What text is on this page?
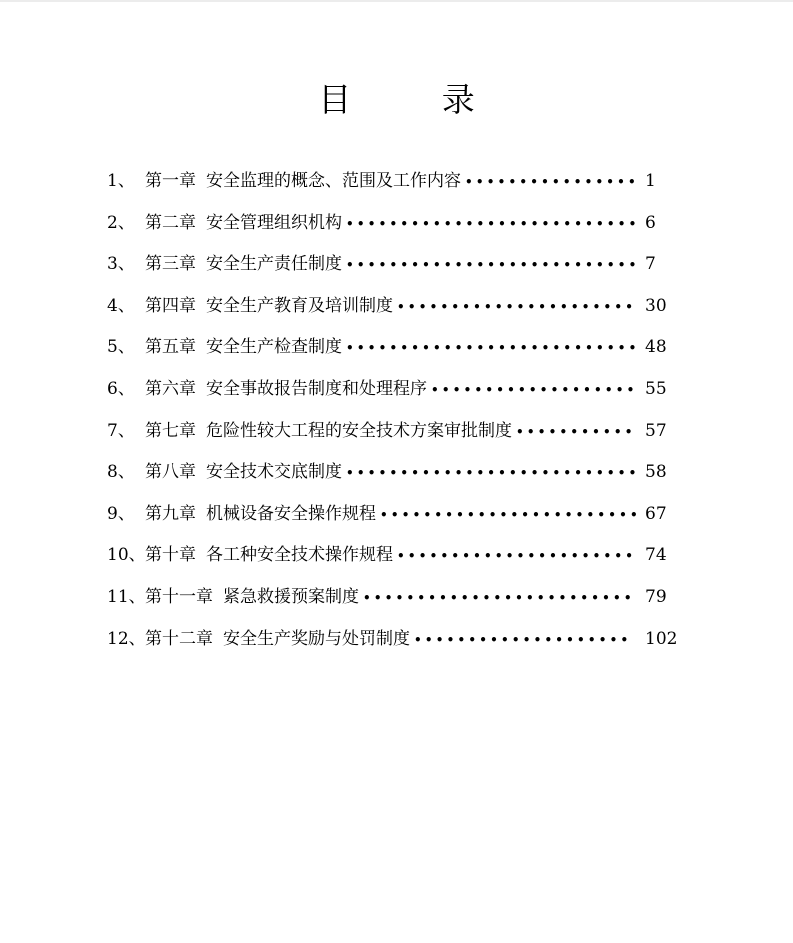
目 录
1、 第一章 安全监理的概念、范围及工作内容 •••••••••••••••• 1
2、 第二章 安全管理组织机构 ••••••••••••••••••••••••••• 6
3、 第三章 安全生产责任制度 ••••••••••••••••••••••••••• 7
4、 第四章 安全生产教育及培训制度 •••••••••••••••••••••• 30
5、 第五章 安全生产检查制度 ••••••••••••••••••••••••••• 48
6、 第六章 安全事故报告制度和处理程序 ••••••••••••••••••• 55
7、 第七章 危险性较大工程的安全技术方案审批制度 ••••••••••• 57
8、 第八章 安全技术交底制度 ••••••••••••••••••••••••••• 58
9、 第九章 机械设备安全操作规程 •••••••••••••••••••••••• 67
10、 第十章 各工种安全技术操作规程 •••••••••••••••••••••• 74
11、 第十一章 紧急救援预案制度 ••••••••••••••••••••••••• 79
12、 第十二章 安全生产奖励与处罚制度 •••••••••••••••••••• 102
